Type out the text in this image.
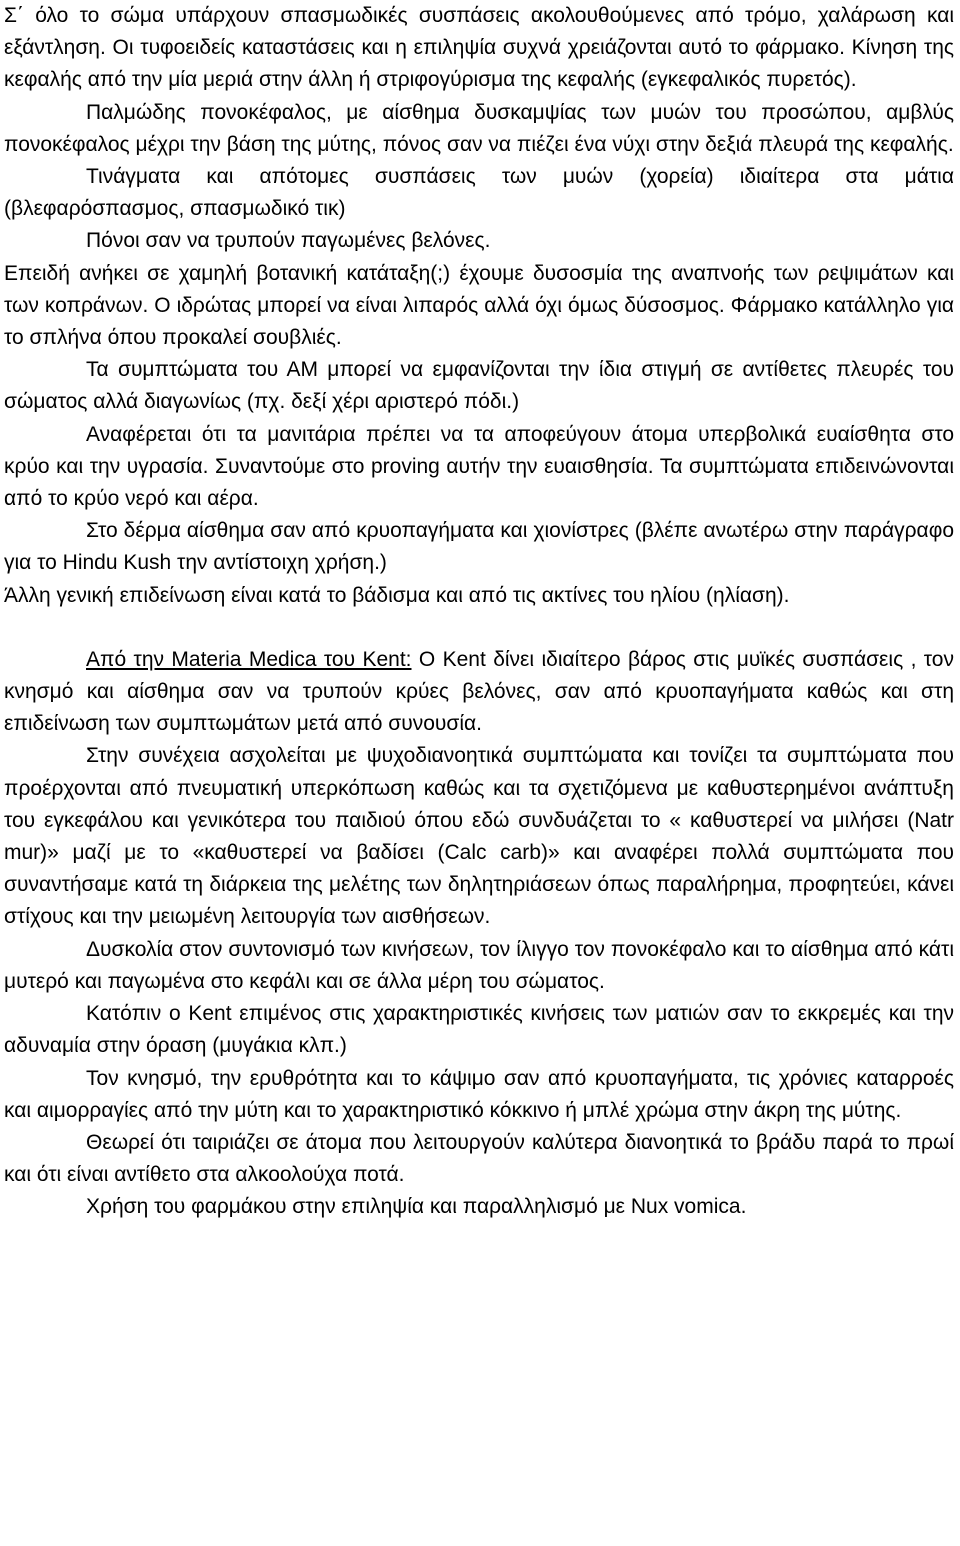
Σ΄ όλο το σώμα υπάρχουν σπασμωδικές συσπάσεις ακολουθούμενες από τρόμο, χαλάρωση και εξάντληση. Οι τυφοειδείς καταστάσεις και η επιληψία συχνά χρειάζονται αυτό το φάρμακο. Κίνηση της κεφαλής από την μία μεριά στην άλλη ή στριφογύρισμα της κεφαλής (εγκεφαλικός πυρετός).

Παλμώδης πονοκέφαλος, με αίσθημα δυσκαμψίας των μυών του προσώπου, αμβλύς πονοκέφαλος μέχρι την βάση της μύτης, πόνος σαν να πιέζει ένα νύχι στην δεξιά πλευρά της κεφαλής.

Τινάγματα και απότομες συσπάσεις των μυών (χορεία) ιδιαίτερα στα μάτια (βλεφαρόσπασμος, σπασμωδικό τικ)

Πόνοι σαν να τρυπούν παγωμένες βελόνες.

Επειδή ανήκει σε χαμηλή βοτανική κατάταξη(;) έχουμε δυσοσμία της αναπνοής των ρεψιμάτων και των κοπράνων. Ο ιδρώτας μπορεί να είναι λιπαρός αλλά όχι όμως δύσοσμος. Φάρμακο κατάλληλο για το σπλήνα όπου προκαλεί σουβλιές.

Τα συμπτώματα του ΑΜ μπορεί να εμφανίζονται την ίδια στιγμή σε αντίθετες πλευρές του σώματος αλλά διαγωνίως (πχ. δεξί χέρι αριστερό πόδι.)

Αναφέρεται ότι τα μανιτάρια πρέπει να τα αποφεύγουν άτομα υπερβολικά ευαίσθητα στο κρύο και την υγρασία. Συναντούμε στο proving αυτήν την ευαισθησία. Τα συμπτώματα επιδεινώνονται από το κρύο νερό και αέρα.

Στο δέρμα αίσθημα σαν από κρυοπαγήματα και χιονίστρες (βλέπε ανωτέρω στην παράγραφο για το Hindu Kush την αντίστοιχη χρήση.)

Άλλη γενική επιδείνωση είναι κατά το βάδισμα και από τις ακτίνες του ηλίου (ηλίαση).

Από την Materia Medica του Kent: Ο Kent δίνει ιδιαίτερο βάρος στις μυϊκές συσπάσεις , τον κνησμό και αίσθημα σαν να τρυπούν κρύες βελόνες, σαν από κρυοπαγήματα καθώς και στη επιδείνωση των συμπτωμάτων μετά από συνουσία.

Στην συνέχεια ασχολείται με ψυχοδιανοητικά συμπτώματα και τονίζει τα συμπτώματα που προέρχονται από πνευματική υπερκόπωση καθώς και τα σχετιζόμενα με καθυστερημένοι ανάπτυξη του εγκεφάλου και γενικότερα του παιδιού όπου εδώ συνδυάζεται το « καθυστερεί να μιλήσει (Natr mur)» μαζί με το «καθυστερεί να βαδίσει (Calc carb)» και αναφέρει πολλά συμπτώματα που συναντήσαμε κατά τη διάρκεια της μελέτης των δηλητηριάσεων όπως παραλήρημα, προφητεύει, κάνει στίχους και την μειωμένη λειτουργία των αισθήσεων.

Δυσκολία στον συντονισμό των κινήσεων, τον ίλιγγο τον πονοκέφαλο και το αίσθημα από κάτι μυτερό και παγωμένα στο κεφάλι και σε άλλα μέρη του σώματος.

Κατόπιν ο Kent επιμένος στις χαρακτηριστικές κινήσεις των ματιών σαν το εκκρεμές και την αδυναμία στην όραση (μυγάκια κλπ.)

Τον κνησμό, την ερυθρότητα και το κάψιμο σαν από κρυοπαγήματα, τις χρόνιες καταρροές και αιμορραγίες από την μύτη και το χαρακτηριστικό κόκκινο ή μπλέ χρώμα στην άκρη της μύτης.

Θεωρεί ότι ταιριάζει σε άτομα που λειτουργούν καλύτερα διανοητικά το βράδυ παρά το πρωί και ότι είναι αντίθετο στα αλκοολούχα ποτά.

Χρήση του φαρμάκου στην επιληψία και παραλληλισμό με Nux vomica.
